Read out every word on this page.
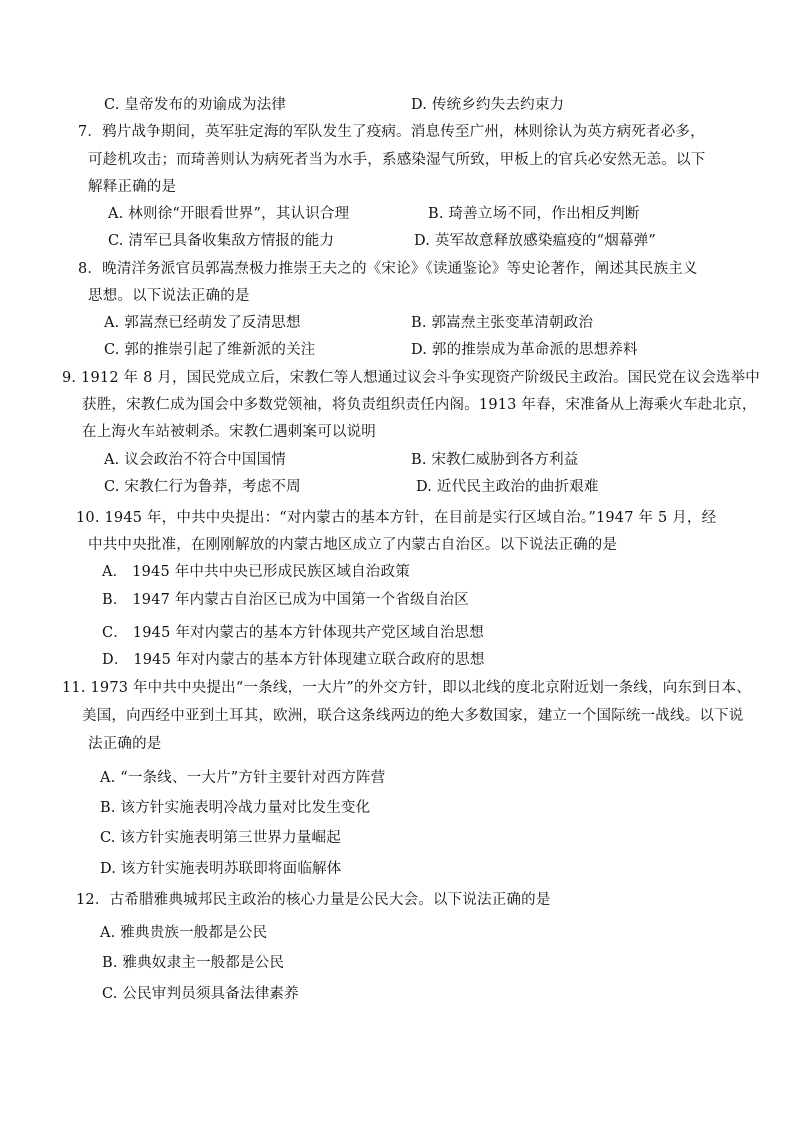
C. 皇帝发布的劝谕成为法律	D. 传统乡约失去约束力
7．鸦片战争期间，英军驻定海的军队发生了疫病。消息传至广州，林则徐认为英方病死者必多，
可趁机攻击；而琦善则认为病死者当为水手，系感染湿气所致，甲板上的官兵必安然无恙。以下
解释正确的是
A. 林则徐“开眼看世界”，其认识合理	B. 琦善立场不同，作出相反判断
C. 清军已具备收集敌方情报的能力	D. 英军故意释放感染瘟疫的“烟幕弹”
8．晚清洋务派官员郭嵩焘极力推崇王夫之的《宋论》《读通鉴论》等史论著作，阐述其民族主义
思想。以下说法正确的是
A. 郭嵩焘已经萌发了反清思想	B. 郭嵩焘主张变革清朝政治
C. 郭的推崇引起了维新派的关注	D. 郭的推崇成为革命派的思想养料
9. 1912 年 8 月，国民党成立后，宋教仁等人想通过议会斗争实现资产阶级民主政治。国民党在议会选举中
获胜，宋教仁成为国会中多数党领袖，将负责组织责任内阁。1913 年春，宋准备从上海乘火车赴北京，
在上海火车站被刺杀。宋教仁遇刺案可以说明
A. 议会政治不符合中国国情	B. 宋教仁威胁到各方利益
C. 宋教仁行为鲁莽，考虑不周	D. 近代民主政治的曲折艰难
10. 1945 年，中共中央提出：“对内蒙古的基本方针，在目前是实行区域自治。”1947 年 5 月，经
中共中央批准，在刚刚解放的内蒙古地区成立了内蒙古自治区。以下说法正确的是
A． 1945 年中共中央已形成民族区域自治政策
B． 1947 年内蒙古自治区已成为中国第一个省级自治区
C． 1945 年对内蒙古的基本方针体现共产党区域自治思想
D． 1945 年对内蒙古的基本方针体现建立联合政府的思想
11. 1973 年中共中央提出“一条线，一大片”的外交方针，即以北线的度北京附近划一条线，向东到日本、
美国，向西经中亚到土耳其，欧洲，联合这条线两边的绝大多数国家，建立一个国际统一战线。以下说
法正确的是
A. “一条线、一大片”方针主要针对西方阵营
B. 该方针实施表明冷战力量对比发生变化
C. 该方针实施表明第三世界力量崛起
D. 该方针实施表明苏联即将面临解体
12．古希腊雅典城邦民主政治的核心力量是公民大会。以下说法正确的是
A. 雅典贵族一般都是公民
B. 雅典奴隶主一般都是公民
C. 公民审判员须具备法律素养
